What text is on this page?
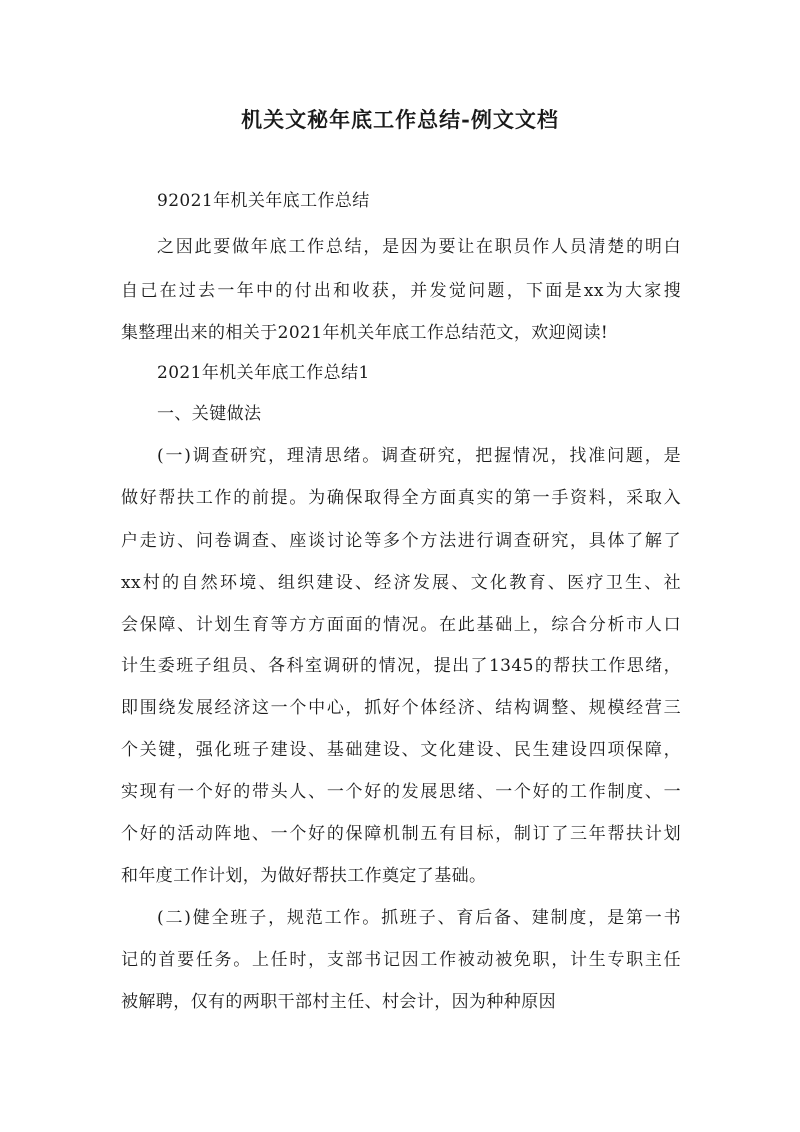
机关文秘年底工作总结-例文文档

92021年机关年底工作总结

之因此要做年底工作总结，是因为要让在职员作人员清楚的明白

自己在过去一年中的付出和收获，并发觉问题，下面是xx为大家搜

集整理出来的相关于2021年机关年底工作总结范文，欢迎阅读!

2021年机关年底工作总结1

一、关键做法

(一)调查研究，理清思绪。调查研究，把握情况，找准问题，是

做好帮扶工作的前提。为确保取得全方面真实的第一手资料，采取入

户走访、问卷调查、座谈讨论等多个方法进行调查研究，具体了解了

xx村的自然环境、组织建设、经济发展、文化教育、医疗卫生、社

会保障、计划生育等方方面面的情况。在此基础上，综合分析市人口

计生委班子组员、各科室调研的情况，提出了1345的帮扶工作思绪，

即围绕发展经济这一个中心，抓好个体经济、结构调整、规模经营三

个关键，强化班子建设、基础建设、文化建设、民生建设四项保障，

实现有一个好的带头人、一个好的发展思绪、一个好的工作制度、一

个好的活动阵地、一个好的保障机制五有目标，制订了三年帮扶计划

和年度工作计划，为做好帮扶工作奠定了基础。

(二)健全班子，规范工作。抓班子、育后备、建制度，是第一书

记的首要任务。上任时，支部书记因工作被动被免职，计生专职主任

被解聘，仅有的两职干部村主任、村会计，因为种种原因
